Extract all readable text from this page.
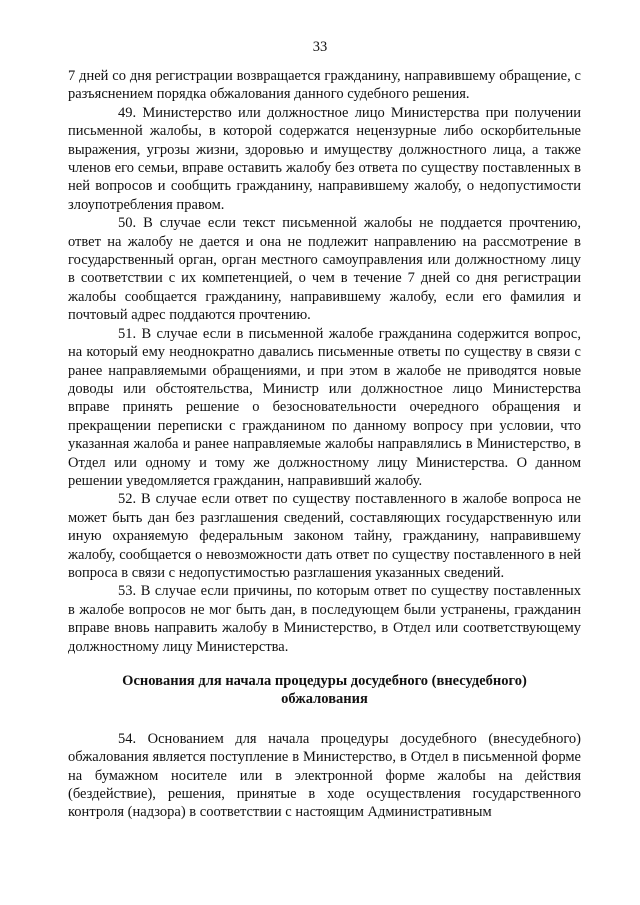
33

7 дней со дня регистрации возвращается гражданину, направившему обращение, с разъяснением порядка обжалования данного судебного решения.

49. Министерство или должностное лицо Министерства при получении письменной жалобы, в которой содержатся нецензурные либо оскорбительные выражения, угрозы жизни, здоровью и имуществу должностного лица, а также членов его семьи, вправе оставить жалобу без ответа по существу поставленных в ней вопросов и сообщить гражданину, направившему жалобу, о недопустимости злоупотребления правом.

50. В случае если текст письменной жалобы не поддается прочтению, ответ на жалобу не дается и она не подлежит направлению на рассмотрение в государственный орган, орган местного самоуправления или должностному лицу в соответствии с их компетенцией, о чем в течение 7 дней со дня регистрации жалобы сообщается гражданину, направившему жалобу, если его фамилия и почтовый адрес поддаются прочтению.

51. В случае если в письменной жалобе гражданина содержится вопрос, на который ему неоднократно давались письменные ответы по существу в связи с ранее направляемыми обращениями, и при этом в жалобе не приводятся новые доводы или обстоятельства, Министр или должностное лицо Министерства вправе принять решение о безосновательности очередного обращения и прекращении переписки с гражданином по данному вопросу при условии, что указанная жалоба и ранее направляемые жалобы направлялись в Министерство, в Отдел или одному и тому же должностному лицу Министерства. О данном решении уведомляется гражданин, направивший жалобу.

52. В случае если ответ по существу поставленного в жалобе вопроса не может быть дан без разглашения сведений, составляющих государственную или иную охраняемую федеральным законом тайну, гражданину, направившему жалобу, сообщается о невозможности дать ответ по существу поставленного в ней вопроса в связи с недопустимостью разглашения указанных сведений.

53. В случае если причины, по которым ответ по существу поставленных в жалобе вопросов не мог быть дан, в последующем были устранены, гражданин вправе вновь направить жалобу в Министерство, в Отдел или соответствующему должностному лицу Министерства.

Основания для начала процедуры досудебного (внесудебного)
обжалования

54. Основанием для начала процедуры досудебного (внесудебного) обжалования является поступление в Министерство, в Отдел в письменной форме на бумажном носителе или в электронной форме жалобы на действия (бездействие), решения, принятые в ходе осуществления государственного контроля (надзора) в соответствии с настоящим Административным
